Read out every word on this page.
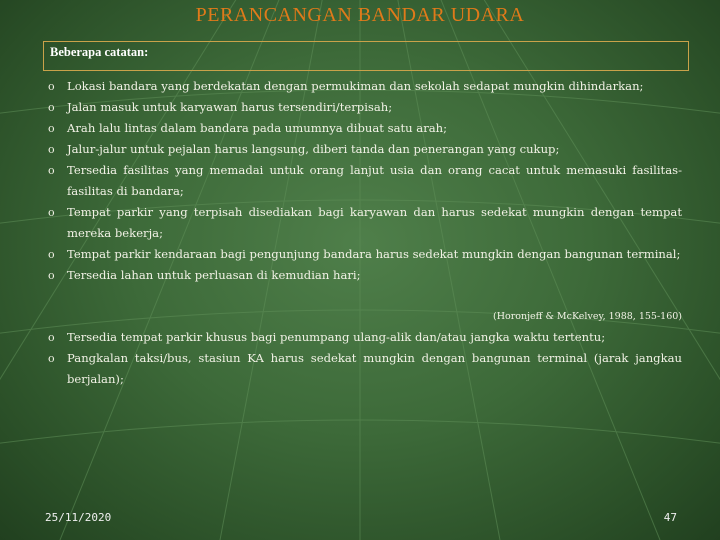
PERANCANGAN BANDAR UDARA
Beberapa catatan:
o Lokasi bandara yang berdekatan dengan permukiman dan sekolah sedapat mungkin dihindarkan;
o Jalan masuk untuk karyawan harus tersendiri/terpisah;
o Arah lalu lintas dalam bandara pada umumnya dibuat satu arah;
o Jalur-jalur untuk pejalan harus langsung, diberi tanda dan penerangan yang cukup;
o Tersedia fasilitas yang memadai untuk orang lanjut usia dan orang cacat untuk memasuki fasilitas-fasilitas di bandara;
o Tempat parkir yang terpisah disediakan bagi karyawan dan harus sedekat mungkin dengan tempat mereka bekerja;
o Tempat parkir kendaraan bagi pengunjung bandara harus sedekat mungkin dengan bangunan terminal;
o Tersedia lahan untuk perluasan di kemudian hari;
(Horonjeff & McKelvey, 1988, 155-160)
o Tersedia tempat parkir khusus bagi penumpang ulang-alik dan/atau jangka waktu tertentu;
o Pangkalan taksi/bus, stasiun KA harus sedekat mungkin dengan bangunan terminal (jarak jangkau berjalan);
25/11/2020	47
